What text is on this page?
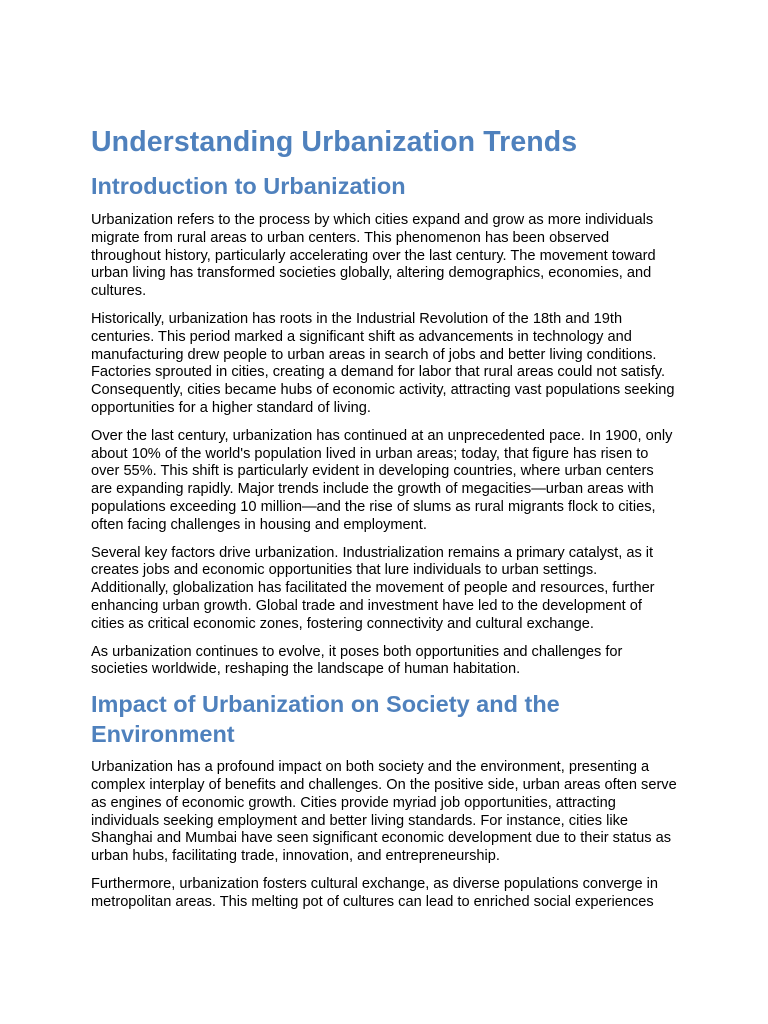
Understanding Urbanization Trends
Introduction to Urbanization

Urbanization refers to the process by which cities expand and grow as more individuals migrate from rural areas to urban centers. This phenomenon has been observed throughout history, particularly accelerating over the last century. The movement toward urban living has transformed societies globally, altering demographics, economies, and cultures.

Historically, urbanization has roots in the Industrial Revolution of the 18th and 19th centuries. This period marked a significant shift as advancements in technology and manufacturing drew people to urban areas in search of jobs and better living conditions. Factories sprouted in cities, creating a demand for labor that rural areas could not satisfy. Consequently, cities became hubs of economic activity, attracting vast populations seeking opportunities for a higher standard of living.

Over the last century, urbanization has continued at an unprecedented pace. In 1900, only about 10% of the world's population lived in urban areas; today, that figure has risen to over 55%. This shift is particularly evident in developing countries, where urban centers are expanding rapidly. Major trends include the growth of megacities—urban areas with populations exceeding 10 million—and the rise of slums as rural migrants flock to cities, often facing challenges in housing and employment.

Several key factors drive urbanization. Industrialization remains a primary catalyst, as it creates jobs and economic opportunities that lure individuals to urban settings. Additionally, globalization has facilitated the movement of people and resources, further enhancing urban growth. Global trade and investment have led to the development of cities as critical economic zones, fostering connectivity and cultural exchange.

As urbanization continues to evolve, it poses both opportunities and challenges for societies worldwide, reshaping the landscape of human habitation.

Impact of Urbanization on Society and the Environment

Urbanization has a profound impact on both society and the environment, presenting a complex interplay of benefits and challenges. On the positive side, urban areas often serve as engines of economic growth. Cities provide myriad job opportunities, attracting individuals seeking employment and better living standards. For instance, cities like Shanghai and Mumbai have seen significant economic development due to their status as urban hubs, facilitating trade, innovation, and entrepreneurship.

Furthermore, urbanization fosters cultural exchange, as diverse populations converge in metropolitan areas. This melting pot of cultures can lead to enriched social experiences
